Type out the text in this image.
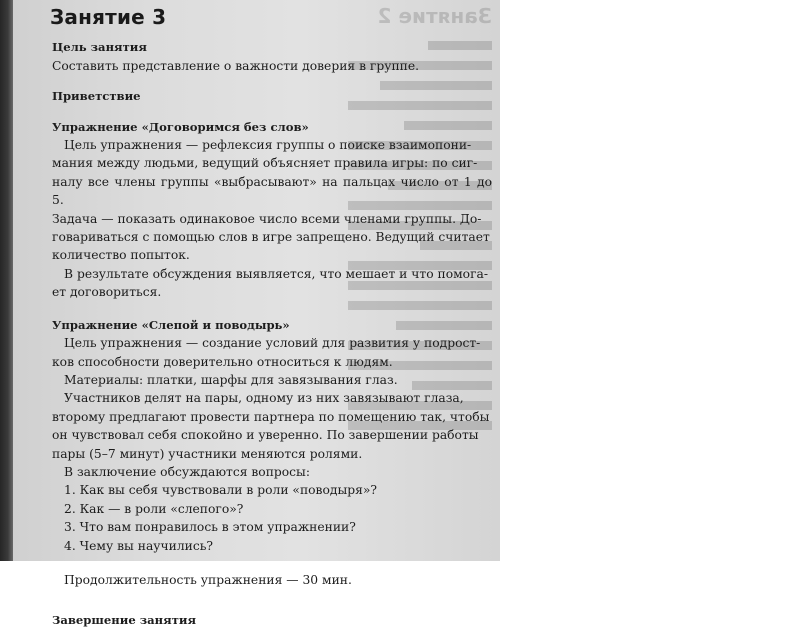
Занятие 2
Занятие 3
Цель занятия
Составить представление о важности доверия в группе.
Приветствие
Упражнение «Договоримся без слов»
Цель упражнения — рефлексия группы о поиске взаимопони-
мания между людьми, ведущий объясняет правила игры: по сиг-
налу все члены группы «выбрасывают» на пальцах число от 1 до 5.
Задача — показать одинаковое число всеми членами группы. До-
говариваться с помощью слов в игре запрещено. Ведущий считает
количество попыток.
В результате обсуждения выявляется, что мешает и что помога-
ет договориться.
Упражнение «Слепой и поводырь»
Цель упражнения — создание условий для развития у подрост-
ков способности доверительно относиться к людям.
Материалы: платки, шарфы для завязывания глаз.
Участников делят на пары, одному из них завязывают глаза,
второму предлагают провести партнера по помещению так, чтобы
он чувствовал себя спокойно и уверенно. По завершении работы
пары (5–7 минут) участники меняются ролями.
В заключение обсуждаются вопросы:
1. Как вы себя чувствовали в роли «поводыря»?
2. Как — в роли «слепого»?
3. Что вам понравилось в этом упражнении?
4. Чему вы научились?
Продолжительность упражнения — 30 мин.
Завершение занятия
